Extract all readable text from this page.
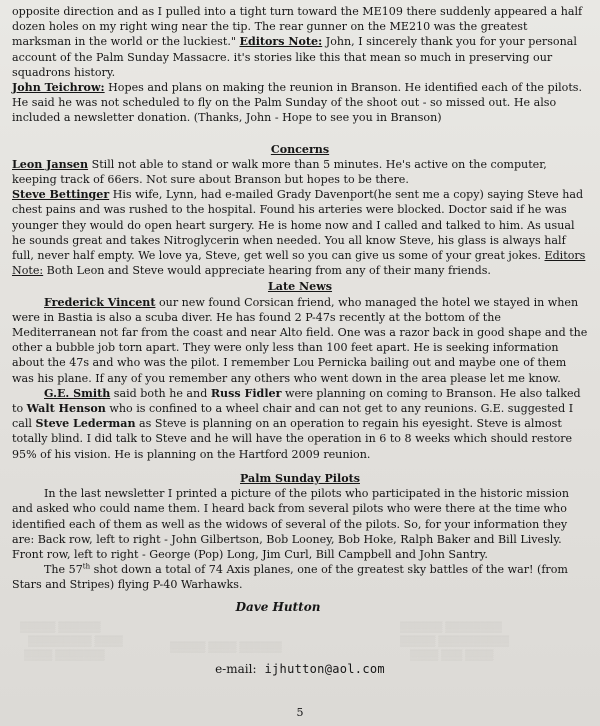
opposite direction and as I pulled into a tight turn toward the ME109 there suddenly appeared a half dozen holes on my right wing near the tip. The rear gunner on the ME210 was the greatest marksman in the world or the luckiest." Editors Note: John, I sincerely thank you for your personal account of the Palm Sunday Massacre. it's stories like this that mean so much in preserving our squadrons history.

John Teichrow: Hopes and plans on making the reunion in Branson. He identified each of the pilots. He said he was not scheduled to fly on the Palm Sunday of the shoot out - so missed out. He also included a newsletter donation. (Thanks, John - Hope to see you in Branson)

Concerns

Leon Jansen Still not able to stand or walk more than 5 minutes. He's active on the computer, keeping track of 66ers. Not sure about Branson but hopes to be there.

Steve Bettinger His wife, Lynn, had e-mailed Grady Davenport(he sent me a copy) saying Steve had chest pains and was rushed to the hospital. Found his arteries were blocked. Doctor said if he was younger they would do open heart surgery. He is home now and I called and talked to him. As usual he sounds great and takes Nitroglycerin when needed. You all know Steve, his glass is always half full, never half empty. We love ya, Steve, get well so you can give us some of your great jokes. Editors Note: Both Leon and Steve would appreciate hearing from any of their many friends.

Late News

Frederick Vincent our new found Corsican friend, who managed the hotel we stayed in when were in Bastia is also a scuba diver. He has found 2 P-47s recently at the bottom of the Mediterranean not far from the coast and near Alto field. One was a razor back in good shape and the other a bubble job torn apart. They were only less than 100 feet apart. He is seeking information about the 47s and who was the pilot. I remember Lou Pernicka bailing out and maybe one of them was his plane. If any of you remember any others who went down in the area please let me know.

G.E. Smith said both he and Russ Fidler were planning on coming to Branson. He also talked to Walt Henson who is confined to a wheel chair and can not get to any reunions. G.E. suggested I call Steve Lederman as Steve is planning on an operation to regain his eyesight. Steve is almost totally blind. I did talk to Steve and he will have the operation in 6 to 8 weeks which should restore 95% of his vision. He is planning on the Hartford 2009 reunion.

Palm Sunday Pilots

In the last newsletter I printed a picture of the pilots who participated in the historic mission and asked who could name them. I heard back from several pilots who were there at the time who identified each of them as well as the widows of several of the pilots. So, for your information they are: Back row, left to right - John Gilbertson, Bob Looney, Bob Hoke, Ralph Baker and Bill Livesly. Front row, left to right - George (Pop) Long, Jim Curl, Bill Campbell and John Santry.

The 57th shot down a total of 74 Axis planes, one of the greatest sky battles of the war! (from Stars and Stripes) flying P-40 Warhawks.

Dave Hutton

▒▒▒▒▒ ▒▒▒▒▒▒
▒▒▒▒▒▒▒▒▒ ▒▒▒▒
▒▒▒▒ ▒▒▒▒▒▒▒
▒▒▒▒▒ ▒▒▒▒ ▒▒▒▒▒▒
▒▒▒▒▒▒ ▒▒▒▒▒▒▒▒
▒▒▒▒▒ ▒▒▒▒▒▒▒▒▒▒
▒▒▒▒ ▒▒▒ ▒▒▒▒
e-mail: ijhutton@aol.com
5
